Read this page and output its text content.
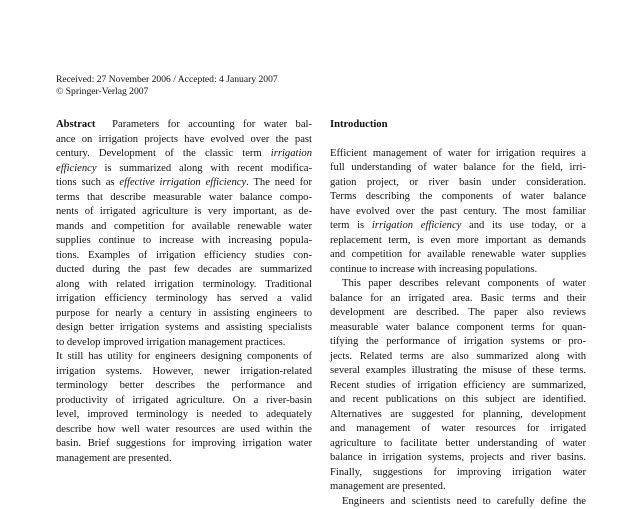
Received: 27 November 2006 / Accepted: 4 January 2007
© Springer-Verlag 2007
Abstract Parameters for accounting for water bal-
ance on irrigation projects have evolved over the past
century. Development of the classic term irrigation
efficiency is summarized along with recent modifica-
tions such as effective irrigation efficiency. The need for
terms that describe measurable water balance compo-
nents of irrigated agriculture is very important, as de-
mands and competition for available renewable water
supplies continue to increase with increasing popula-
tions. Examples of irrigation efficiency studies con-
ducted during the past few decades are summarized
along with related irrigation terminology. Traditional
irrigation efficiency terminology has served a valid
purpose for nearly a century in assisting engineers to
design better irrigation systems and assisting specialists
to develop improved irrigation management practices.
It still has utility for engineers designing components of
irrigation systems. However, newer irrigation-related
terminology better describes the performance and
productivity of irrigated agriculture. On a river-basin
level, improved terminology is needed to adequately
describe how well water resources are used within the
basin. Brief suggestions for improving irrigation water
management are presented.
Introduction
Efficient management of water for irrigation requires a
full understanding of water balance for the field, irri-
gation project, or river basin under consideration.
Terms describing the components of water balance
have evolved over the past century. The most familiar
term is irrigation efficiency and its use today, or a
replacement term, is even more important as demands
and competition for available renewable water supplies
continue to increase with increasing populations.
This paper describes relevant components of water
balance for an irrigated area. Basic terms and their
development are described. The paper also reviews
measurable water balance component terms for quan-
tifying the performance of irrigation systems or pro-
jects. Related terms are also summarized along with
several examples illustrating the misuse of these terms.
Recent studies of irrigation efficiency are summarized,
and recent publications on this subject are identified.
Alternatives are suggested for planning, development
and management of water resources for irrigated
agriculture to facilitate better understanding of water
balance in irrigation systems, projects and river basins.
Finally, suggestions for improving irrigation water
management are presented.
Engineers and scientists need to carefully define the
